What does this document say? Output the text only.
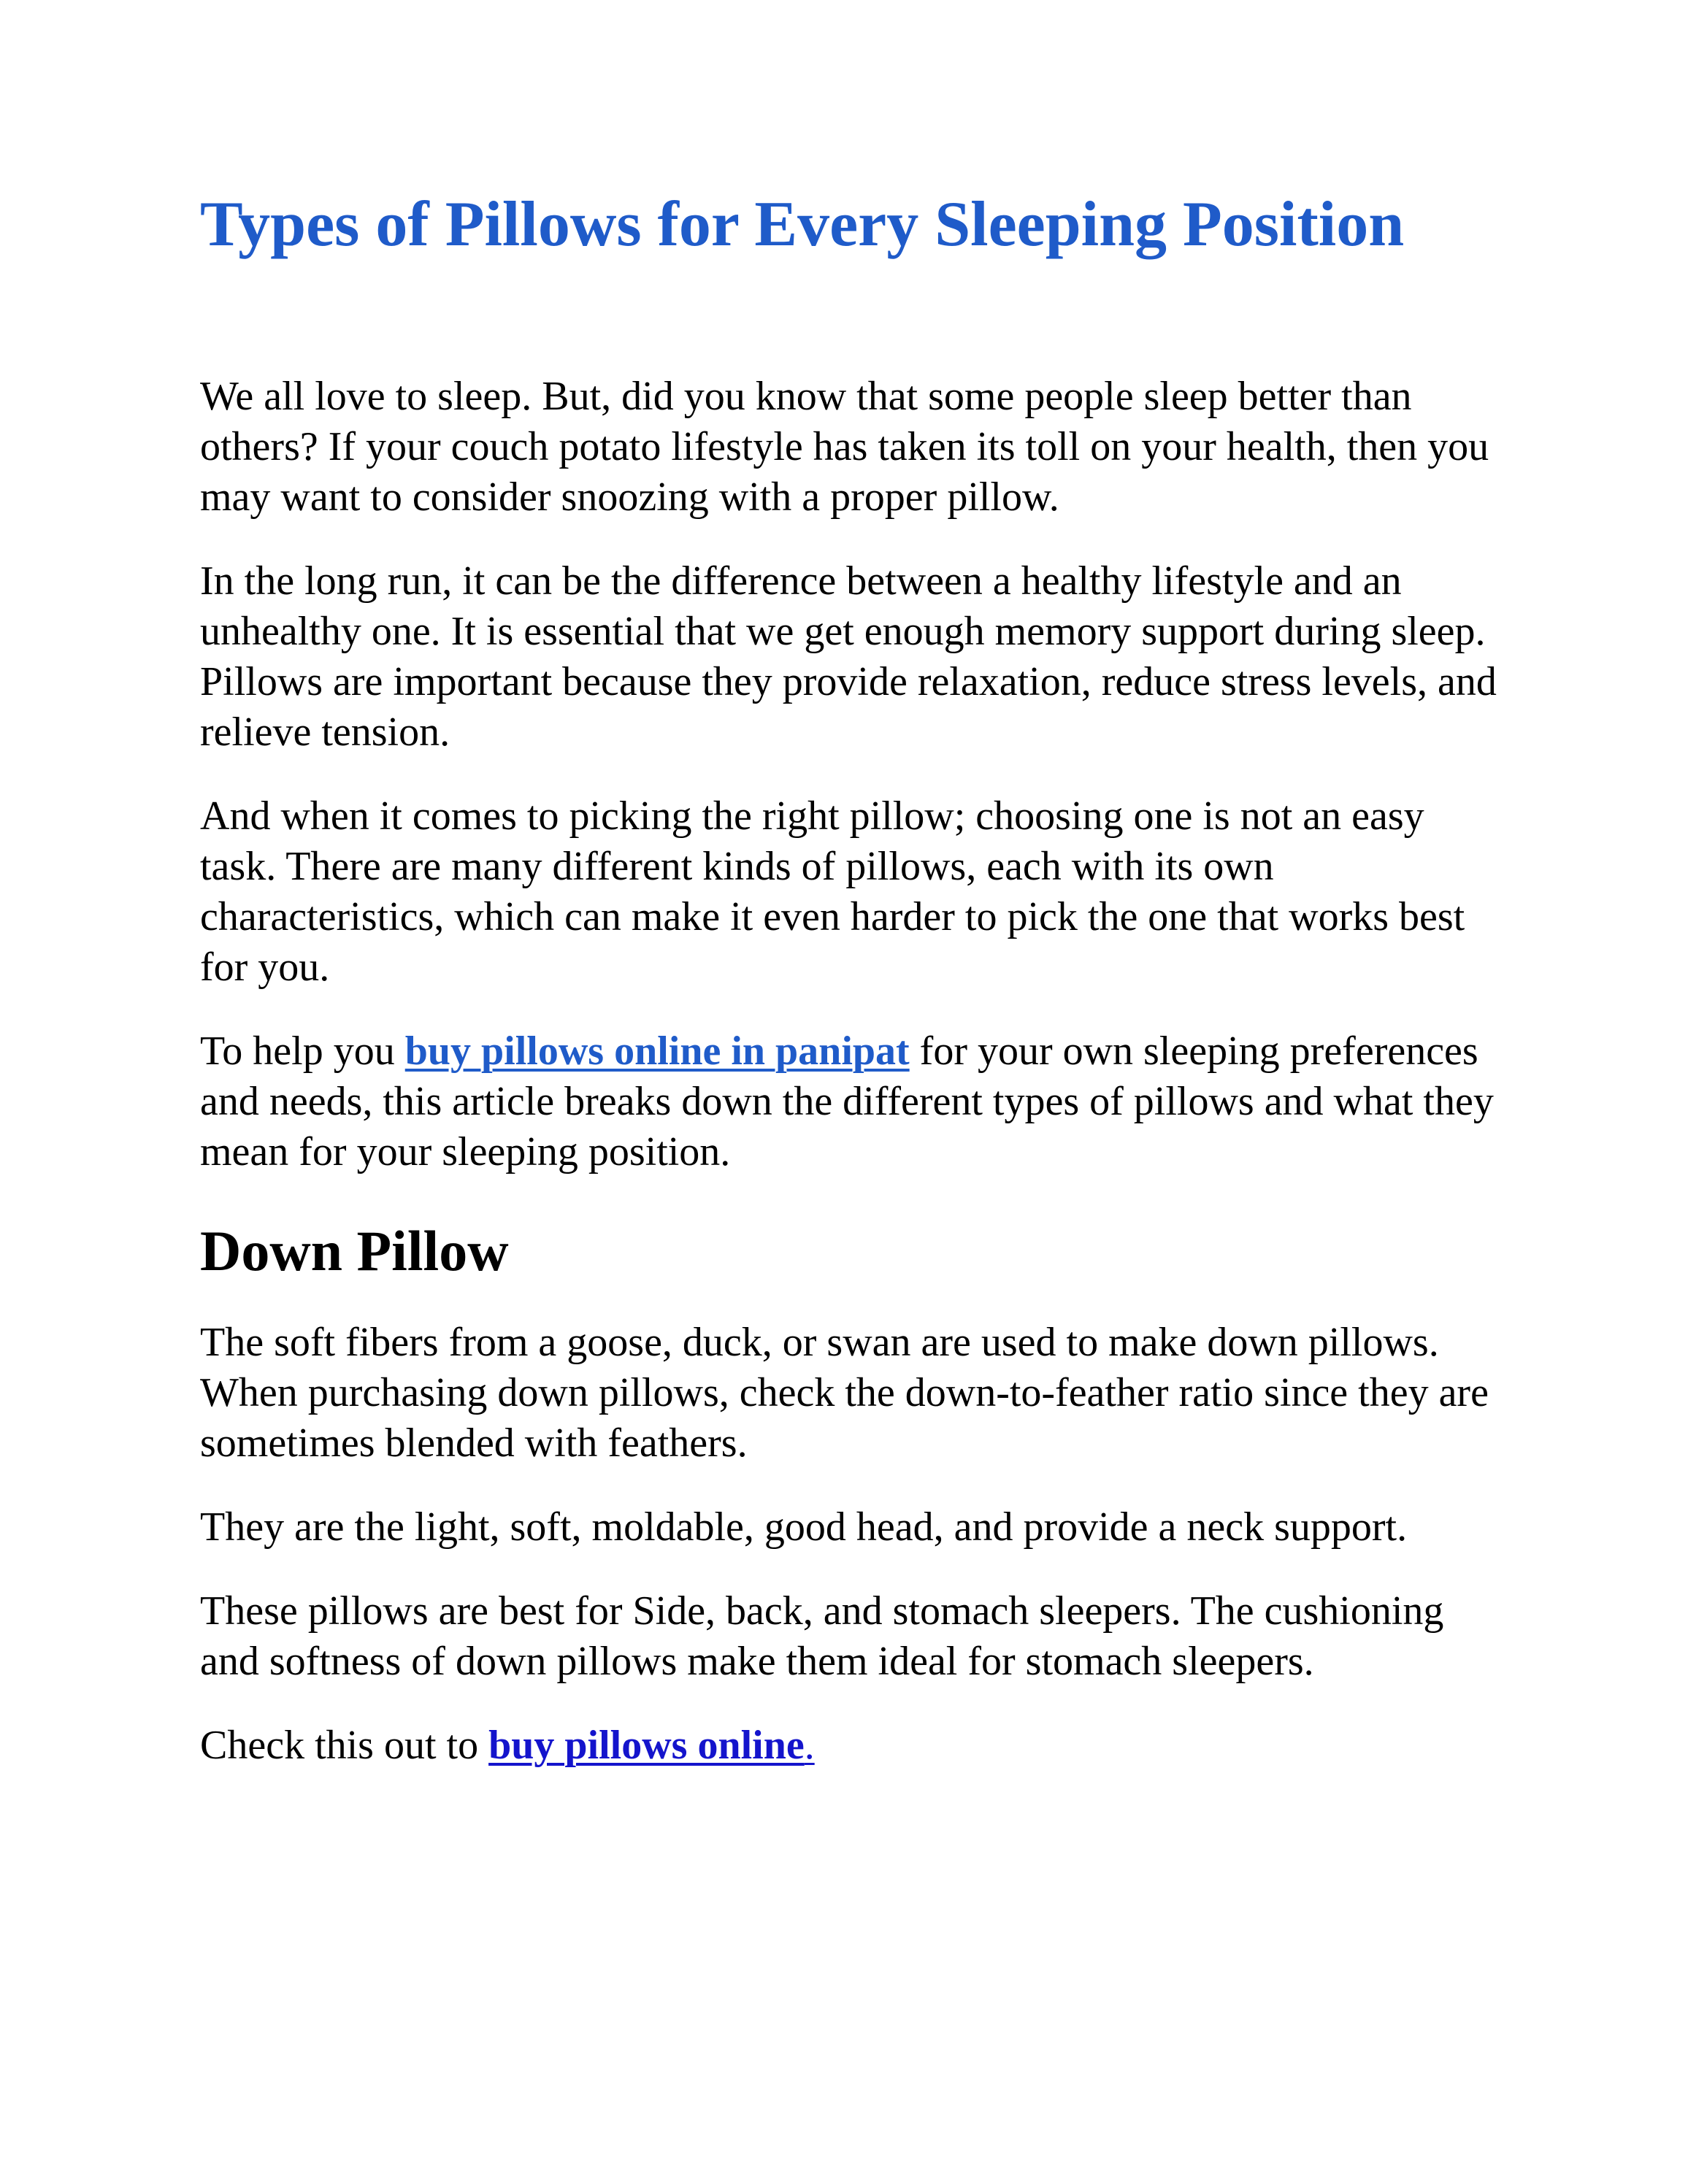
Types of Pillows for Every Sleeping Position

We all love to sleep. But, did you know that some people sleep better than others? If your couch potato lifestyle has taken its toll on your health, then you may want to consider snoozing with a proper pillow.

In the long run, it can be the difference between a healthy lifestyle and an unhealthy one. It is essential that we get enough memory support during sleep. Pillows are important because they provide relaxation, reduce stress levels, and relieve tension.

And when it comes to picking the right pillow; choosing one is not an easy task. There are many different kinds of pillows, each with its own characteristics, which can make it even harder to pick the one that works best for you.

To help you buy pillows online in panipat for your own sleeping preferences and needs, this article breaks down the different types of pillows and what they mean for your sleeping position.

Down Pillow

The soft fibers from a goose, duck, or swan are used to make down pillows. When purchasing down pillows, check the down-to-feather ratio since they are sometimes blended with feathers.

They are the light, soft, moldable, good head, and provide a neck support.

These pillows are best for Side, back, and stomach sleepers. The cushioning and softness of down pillows make them ideal for stomach sleepers.

Check this out to buy pillows online.
